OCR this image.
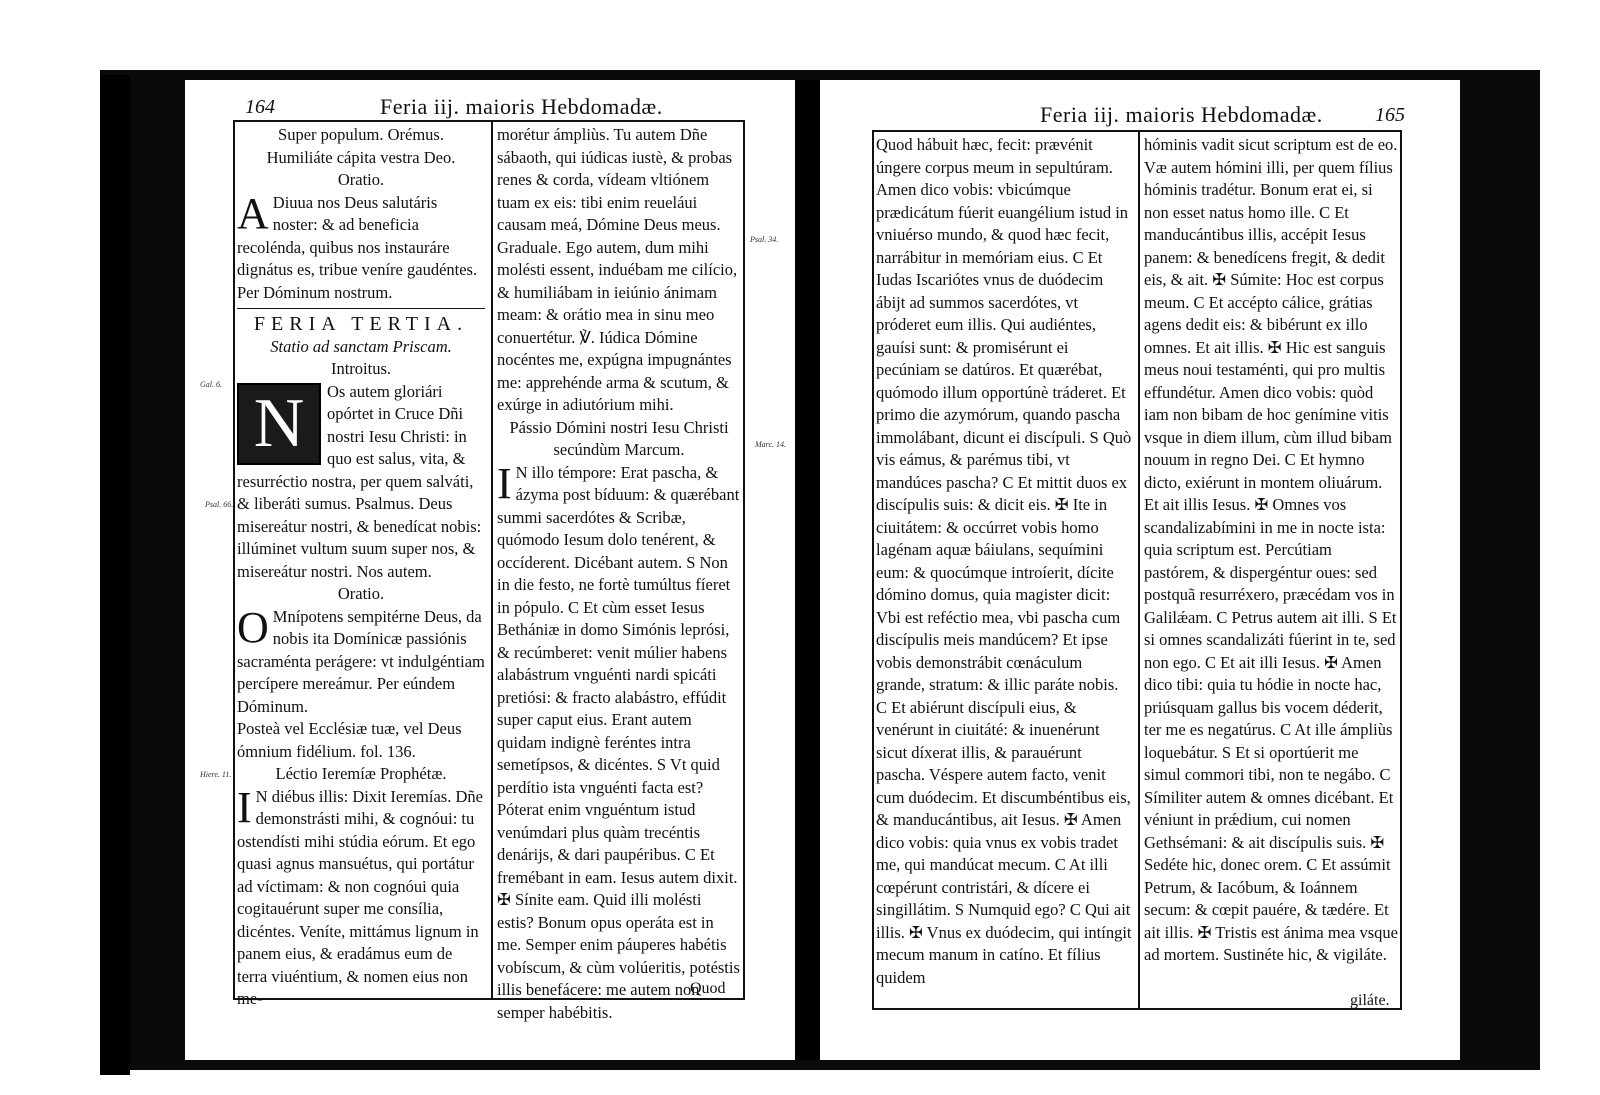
164	Feria iij. maioris Hebdomadæ.

Super populum. Orémus.

Humiliáte cápita vestra Deo.

Oratio.

A Diuua nos Deus salutáris noster: & ad beneficia recolénda, quibus nos instauráre dignátus es, tribue veníre gaudéntes. Per Dóminum nostrum.

FERIA TERTIA.

Statio ad sanctam Priscam.

Introitus.

N	Os autem gloriári opórtet in Cruce Dñi nostri Iesu Christi: in quo est salus, vita, & resurréctio nostra, per quem salváti, & liberáti sumus. Psalmus. Deus misereátur nostri, & benedícat nobis: illúminet vultum suum super nos, & misereátur nostri. Nos autem.

Oratio.

O Mnípotens sempitérne Deus, da nobis ita Domínicæ passiónis sacraménta perágere: vt indulgéntiam percípere mereámur. Per eúndem Dóminum.

Posteà vel Ecclésiæ tuæ, vel Deus ómnium fidélium. fol. 136.

Léctio Ieremíæ Prophétæ.

I N diébus illis: Dixit Ieremías. Dñe demonstrásti mihi, & cognóui: tu ostendísti mihi stúdia eórum. Et ego quasi agnus mansuétus, qui portátur ad víctimam: & non cognóui quia cogitauérunt super me consília, dicéntes. Veníte, mittámus lignum in panem eius, & eradámus eum de terra viuéntium, & nomen eius non me-

morétur ámpliùs. Tu autem Dñe sábaoth, qui iúdicas iustè, & probas renes & corda, vídeam vltiónem tuam ex eis: tibi enim reueláui causam meá, Dómine Deus meus.

Graduale. Ego autem, dum mihi molésti essent, induébam me cilício, & humiliábam in ieiúnio ánimam meam: & orátio mea in sinu meo conuertétur. ℣. Iúdica Dómine nocéntes me, expúgna impugnántes me: apprehénde arma & scutum, & exúrge in adiutórium mihi.

Pássio Dómini nostri Iesu Christi secúndùm Marcum.

I N illo témpore: Erat pascha, & ázyma post bíduum: & quærébant summi sacerdótes & Scribæ, quómodo Iesum dolo tenérent, & occíderent. Dicébant autem. S Non in die festo, ne fortè tumúltus fíeret in pópulo. C Et cùm esset Iesus Bethániæ in domo Simónis leprósi, & recúmberet: venit múlier habens alabástrum vnguénti nardi spicáti pretiósi: & fracto alabástro, effúdit super caput eius. Erant autem quidam indignè feréntes intra semetípsos, & dicéntes. S Vt quid perdítio ista vnguénti facta est? Póterat enim vnguéntum istud venúmdari plus quàm trecéntis denárijs, & dari paupéribus. C Et fremébant in eam. Iesus autem dixit. ✠ Sínite eam. Quid illi molésti estis? Bonum opus operáta est in me. Semper enim páuperes habétis vobíscum, & cùm volúeritis, potéstis illis benefácere: me autem non semper habébitis.

Quod
Feria iij. maioris Hebdomadæ.	165

Quod hábuit hæc, fecit: prævénit úngere corpus meum in sepultúram. Amen dico vobis: vbicúmque prædicátum fúerit euangélium istud in vniuérso mundo, & quod hæc fecit, narrábitur in memóriam eius. C Et Iudas Iscariótes vnus de duódecim ábijt ad summos sacerdótes, vt próderet eum illis. Qui audiéntes, gauísi sunt: & promisérunt ei pecúniam se datúros. Et quærébat, quómodo illum opportúnè tráderet. Et primo die azymórum, quando pascha immolábant, dicunt ei discípuli. S Quò vis eámus, & parémus tibi, vt mandúces pascha? C Et mittit duos ex discípulis suis: & dicit eis. ✠ Ite in ciuitátem: & occúrret vobis homo lagénam aquæ báiulans, sequímini eum: & quocúmque introíerit, dícite dómino domus, quia magister dicit: Vbi est reféctio mea, vbi pascha cum discípulis meis mandúcem? Et ipse vobis demonstrábit cœnáculum grande, stratum: & illic paráte nobis. C Et abiérunt discípuli eius, & venérunt in ciuitáté: & inuenérunt sicut díxerat illis, & parauérunt pascha. Véspere autem facto, venit cum duódecim. Et discumbéntibus eis, & manducántibus, ait Iesus. ✠ Amen dico vobis: quia vnus ex vobis tradet me, qui mandúcat mecum. C At illi cœpérunt contristári, & dícere ei singillátim. S Numquid ego? C Qui ait illis. ✠ Vnus ex duódecim, qui intíngit mecum manum in catíno. Et fílius quidem

hóminis vadit sicut scriptum est de eo. Væ autem hómini illi, per quem fílius hóminis tradétur. Bonum erat ei, si non esset natus homo ille. C Et manducántibus illis, accépit Iesus panem: & benedícens fregit, & dedit eis, & ait. ✠ Súmite: Hoc est corpus meum. C Et accépto cálice, grátias agens dedit eis: & bibérunt ex illo omnes. Et ait illis. ✠ Hic est sanguis meus noui testaménti, qui pro multis effundétur. Amen dico vobis: quòd iam non bibam de hoc genímine vitis vsque in diem illum, cùm illud bibam nouum in regno Dei. C Et hymno dicto, exiérunt in montem oliuárum. Et ait illis Iesus. ✠ Omnes vos scandalizabímini in me in nocte ista: quia scriptum est. Percútiam pastórem, & dispergéntur oues: sed postquã resurréxero, præcédam vos in Galilǽam. C Petrus autem ait illi. S Et si omnes scandalizáti fúerint in te, sed non ego. C Et ait illi Iesus. ✠ Amen dico tibi: quia tu hódie in nocte hac, priúsquam gallus bis vocem déderit, ter me es negatúrus. C At ille ámpliùs loquebátur. S Et si oportúerit me simul commori tibi, non te negábo. C Símiliter autem & omnes dicébant. Et véniunt in prǽdium, cui nomen Gethsémani: & ait discípulis suis. ✠ Sedéte hic, donec orem. C Et assúmit Petrum, & Iacóbum, & Ioánnem secum: & cœpit pauére, & tædére. Et ait illis. ✠ Tristis est ánima mea vsque ad mortem. Sustinéte hic, & vigiláte.

giláte.
Gal. 6.
Psal. 66.
Hiere. 11.
Psal. 34.
Marc. 14.
